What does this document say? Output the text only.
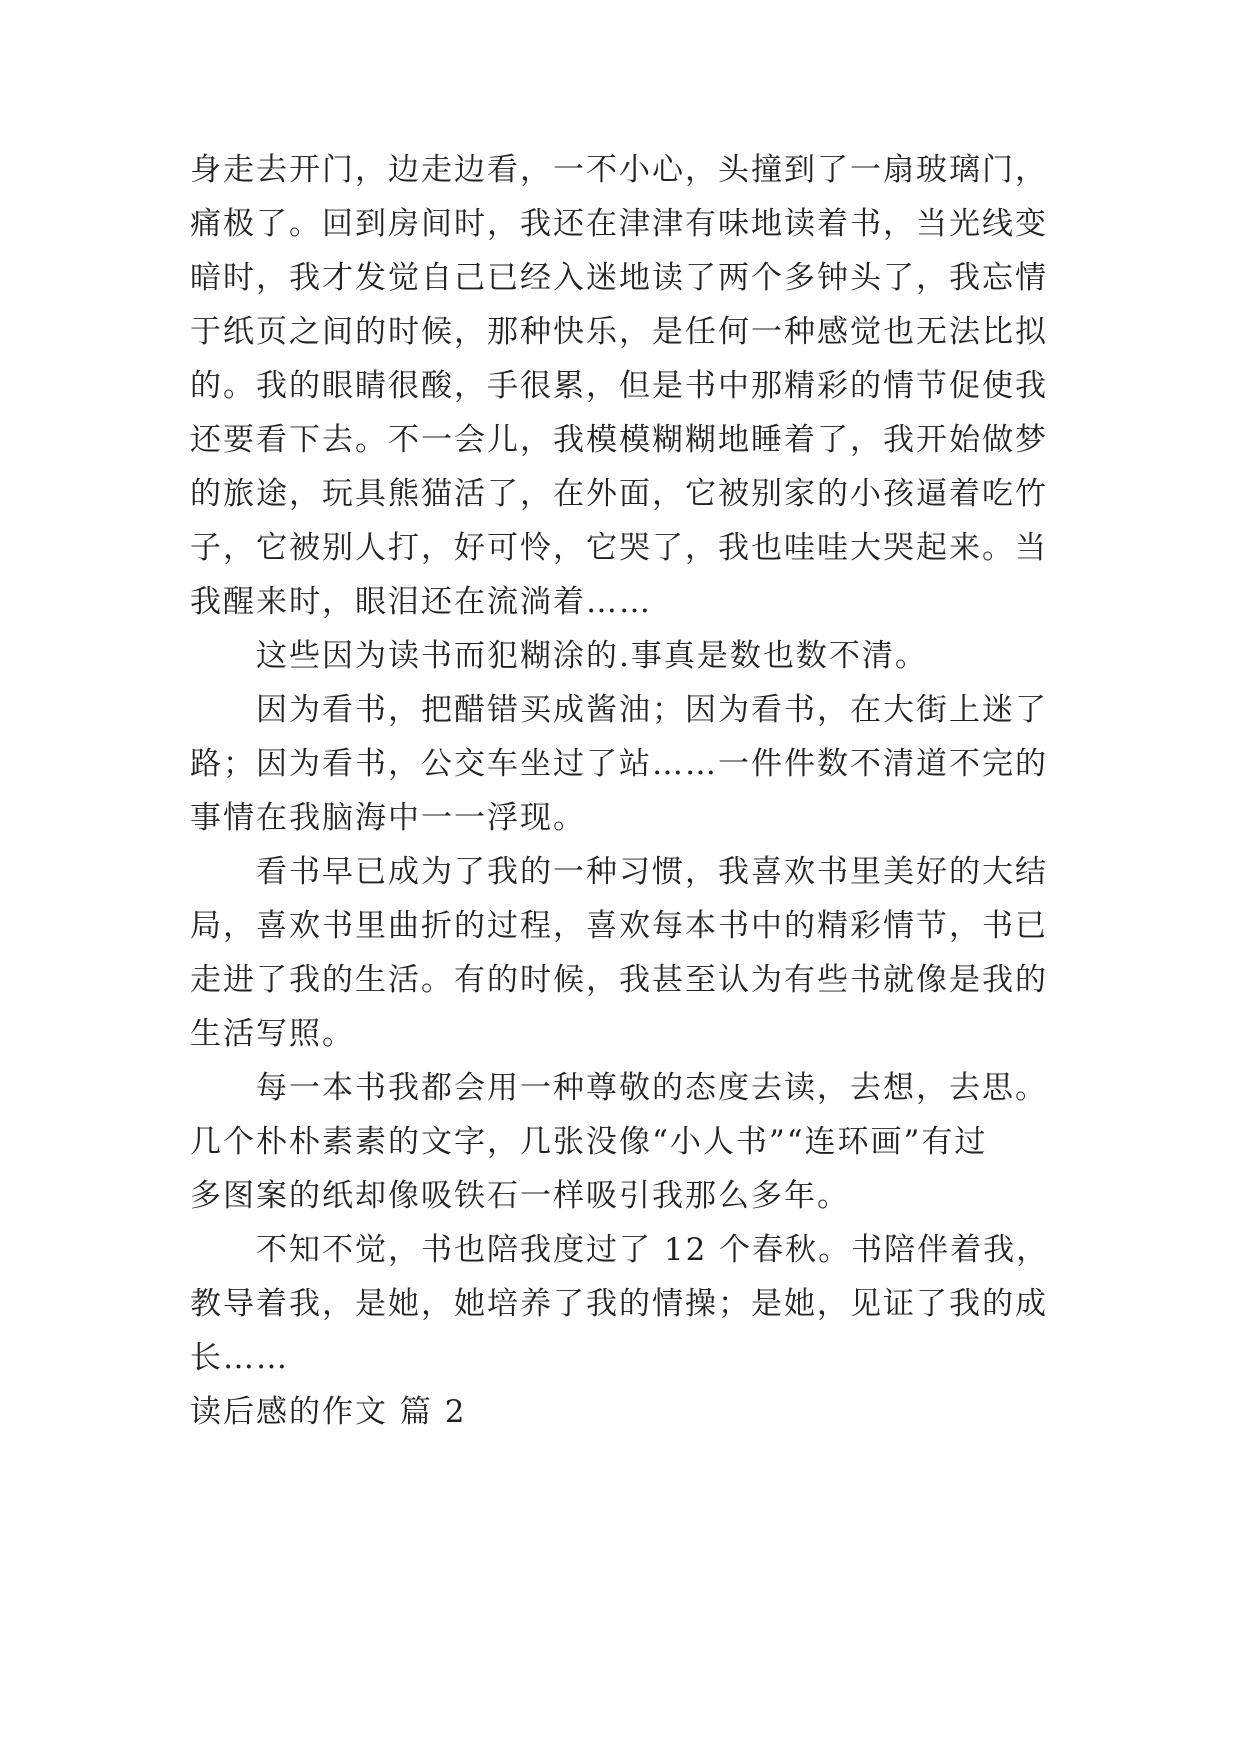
身走去开门，边走边看，一不小心，头撞到了一扇玻璃门，
痛极了。回到房间时，我还在津津有味地读着书，当光线变
暗时，我才发觉自己已经入迷地读了两个多钟头了，我忘情
于纸页之间的时候，那种快乐，是任何一种感觉也无法比拟
的。我的眼睛很酸，手很累，但是书中那精彩的情节促使我
还要看下去。不一会儿，我模模糊糊地睡着了，我开始做梦
的旅途，玩具熊猫活了，在外面，它被别家的小孩逼着吃竹
子，它被别人打，好可怜，它哭了，我也哇哇大哭起来。当
我醒来时，眼泪还在流淌着……
这些因为读书而犯糊涂的.事真是数也数不清。
因为看书，把醋错买成酱油；因为看书，在大街上迷了
路；因为看书，公交车坐过了站……一件件数不清道不完的
事情在我脑海中一一浮现。
看书早已成为了我的一种习惯，我喜欢书里美好的大结
局，喜欢书里曲折的过程，喜欢每本书中的精彩情节，书已
走进了我的生活。有的时候，我甚至认为有些书就像是我的
生活写照。
每一本书我都会用一种尊敬的态度去读，去想，去思。
几个朴朴素素的文字，几张没像“小人书”“连环画”有过
多图案的纸却像吸铁石一样吸引我那么多年。
不知不觉，书也陪我度过了 12 个春秋。书陪伴着我，
教导着我，是她，她培养了我的情操；是她，见证了我的成
长……
读后感的作文 篇 2
